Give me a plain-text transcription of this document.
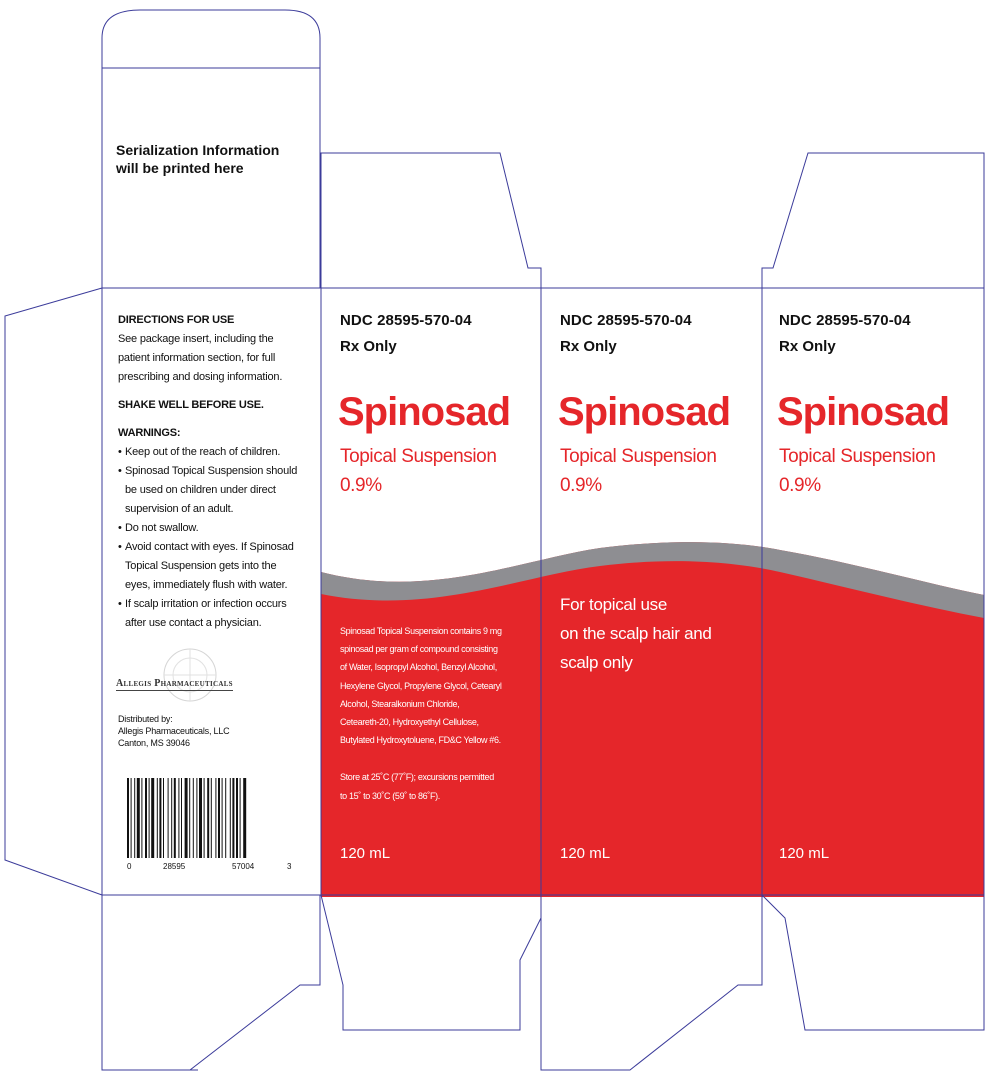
Serialization Information
will be printed here

DIRECTIONS FOR USE

See package insert, including the

patient information section, for full

prescribing and dosing information.

SHAKE WELL BEFORE USE.

WARNINGS:

• Keep out of the reach of children.
• Spinosad Topical Suspension should
be used on children under direct
supervision of an adult.
• Do not swallow.
• Avoid contact with eyes. If Spinosad
Topical Suspension gets into the
eyes, immediately flush with water.
• If scalp irritation or infection occurs
after use contact a physician.
Allegis Pharmaceuticals
Distributed by:
Allegis Pharmaceuticals, LLC
Canton, MS 39046
0	28595	57004	3
NDC 28595-570-04
Rx Only
Spinosad
Topical Suspension
0.9%
Spinosad Topical Suspension contains 9 mg
spinosad per gram of compound consisting
of Water, Isopropyl Alcohol, Benzyl Alcohol,
Hexylene Glycol, Propylene Glycol, Cetearyl
Alcohol, Stearalkonium Chloride,
Ceteareth-20, Hydroxyethyl Cellulose,
Butylated Hydroxytoluene, FD&C Yellow #6.
Store at 25˚C (77˚F); excursions permitted
to 15˚ to 30˚C (59˚ to 86˚F).
120 mL
NDC 28595-570-04
Rx Only
Spinosad
Topical Suspension
0.9%
For topical use
on the scalp hair and
scalp only
120 mL
NDC 28595-570-04
Rx Only
Spinosad
Topical Suspension
0.9%
120 mL
